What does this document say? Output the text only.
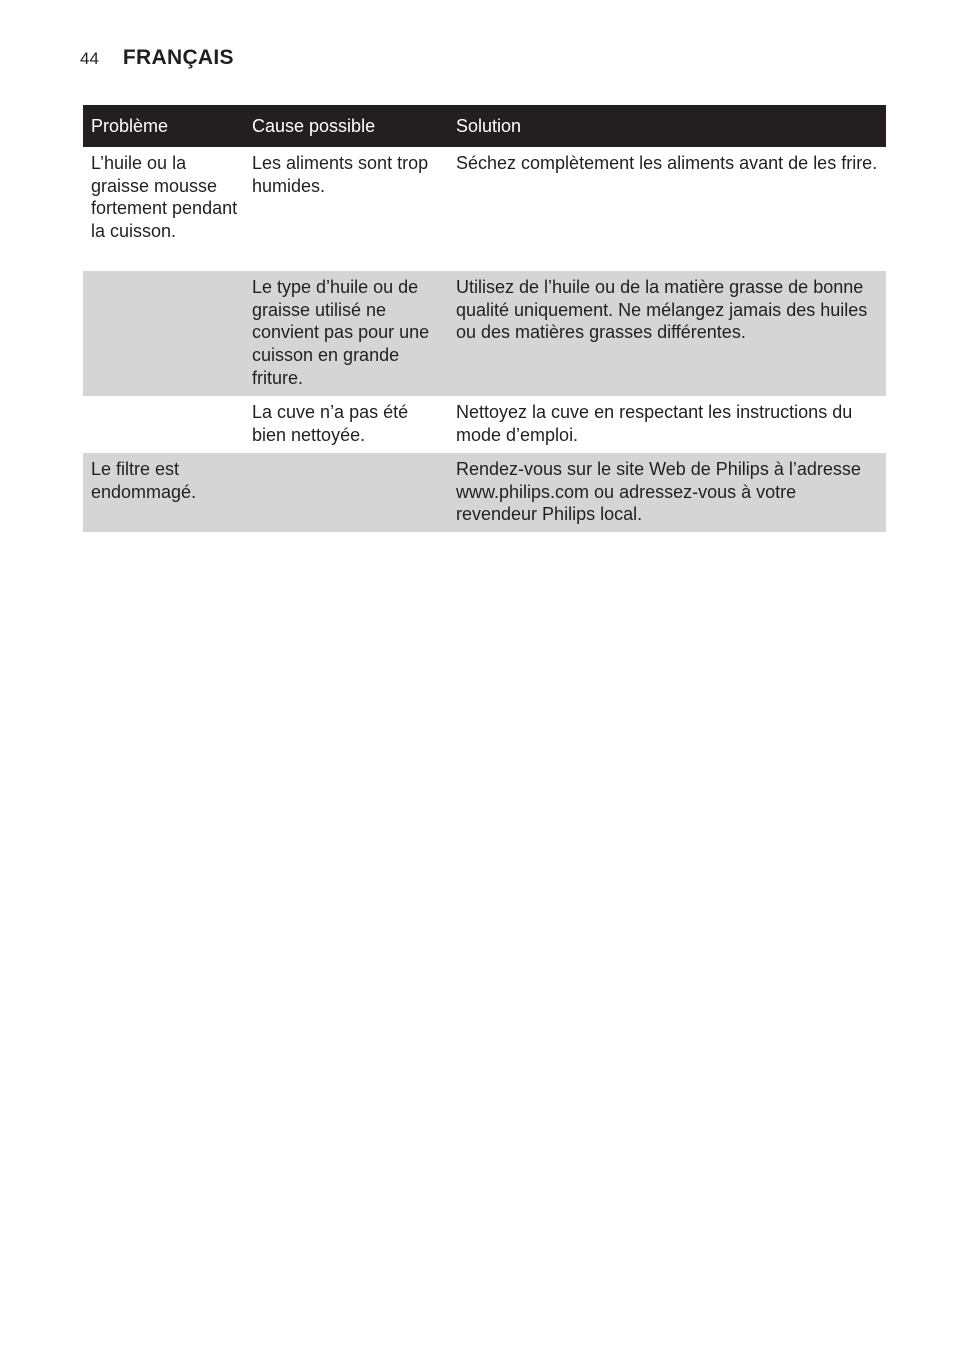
44 FRANÇAIS
Problème	Cause possible	Solution
L’huile ou la graisse mousse fortement pendant la cuisson.	Les aliments sont trop humides.	Séchez complètement les aliments avant de les frire.
	Le type d’huile ou de graisse utilisé ne convient pas pour une cuisson en grande friture.	Utilisez de l’huile ou de la matière grasse de bonne qualité uniquement. Ne mélangez jamais des huiles ou des matières grasses différentes.
	La cuve n’a pas été bien nettoyée.	Nettoyez la cuve en respectant les instructions du mode d’emploi.
Le filtre est endommagé.		Rendez-vous sur le site Web de Philips à l’adresse www.philips.com ou adressez-vous à votre revendeur Philips local.
